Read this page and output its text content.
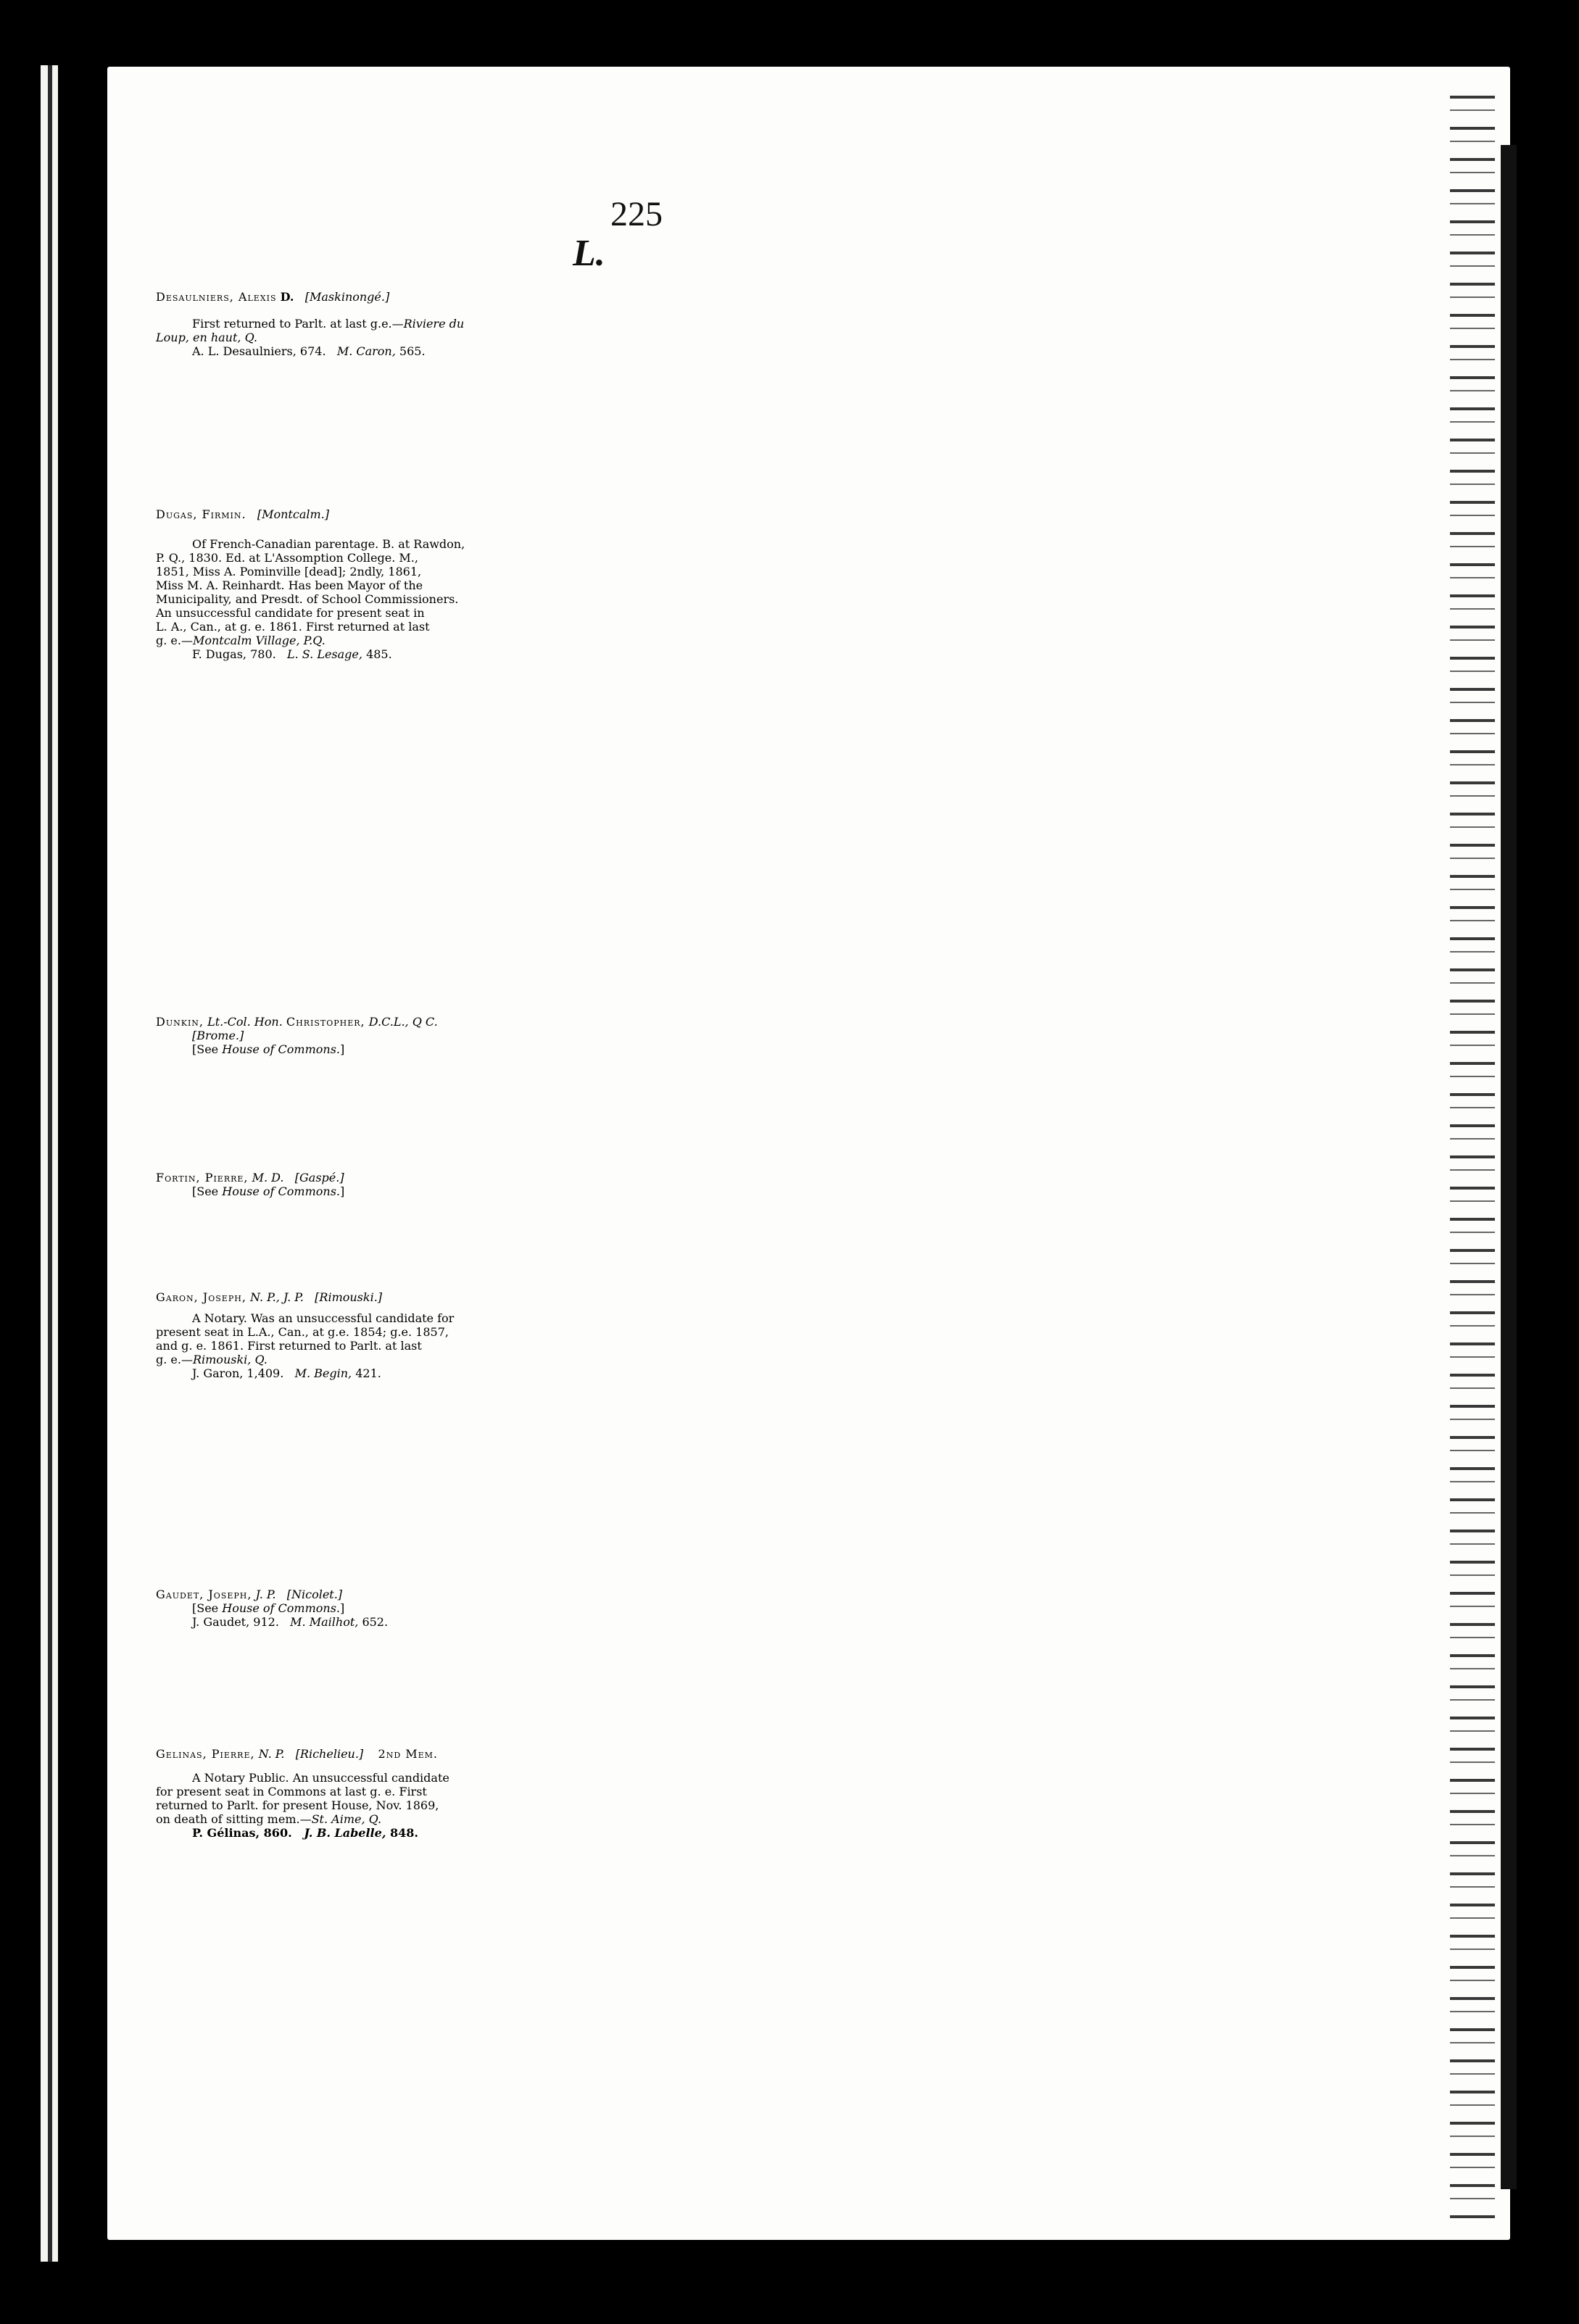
225
L.
Desaulniers, Alexis D. [Maskinongé.]
First returned to Parlt. at last g.e.—Riviere du
Loup, en haut, Q.
A. L. Desaulniers, 674. M. Caron, 565.
Dugas, Firmin. [Montcalm.]
Of French-Canadian parentage. B. at Rawdon,
P. Q., 1830. Ed. at L'Assomption College. M.,
1851, Miss A. Pominville [dead]; 2ndly, 1861,
Miss M. A. Reinhardt. Has been Mayor of the
Municipality, and Presdt. of School Commissioners.
An unsuccessful candidate for present seat in
L. A., Can., at g. e. 1861. First returned at last
g. e.—Montcalm Village, P.Q.
F. Dugas, 780. L. S. Lesage, 485.
Dunkin, Lt.-Col. Hon. Christopher, D.C.L., Q C.
[Brome.]
[See House of Commons.]
Fortin, Pierre, M. D. [Gaspé.]
[See House of Commons.]
Garon, Joseph, N. P., J. P. [Rimouski.]
A Notary. Was an unsuccessful candidate for
present seat in L.A., Can., at g.e. 1854; g.e. 1857,
and g. e. 1861. First returned to Parlt. at last
g. e.—Rimouski, Q.
J. Garon, 1,409. M. Begin, 421.
Gaudet, Joseph, J. P. [Nicolet.]
[See House of Commons.]
J. Gaudet, 912. M. Mailhot, 652.
Gelinas, Pierre, N. P. [Richelieu.] 2nd Mem.
A Notary Public. An unsuccessful candidate
for present seat in Commons at last g. e. First
returned to Parlt. for present House, Nov. 1869,
on death of sitting mem.—St. Aime, Q.
P. Gélinas, 860. J. B. Labelle, 848.
